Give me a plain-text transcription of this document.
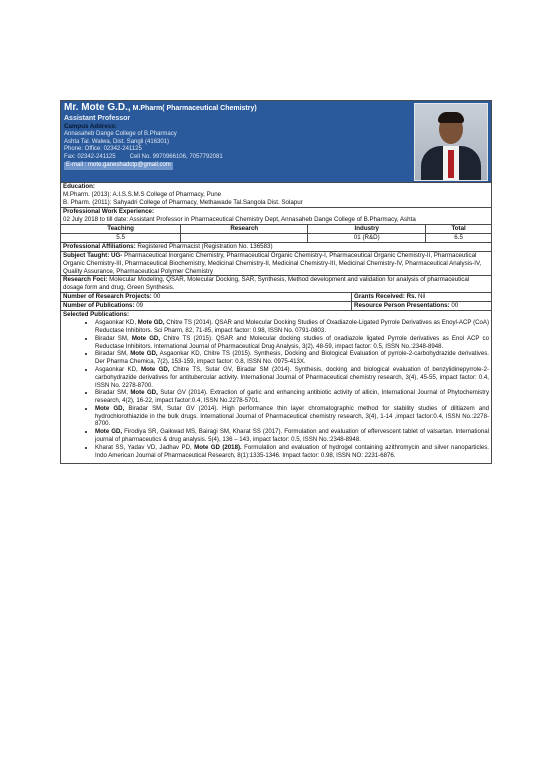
Mr. Mote G.D., M.Pharm( Pharmaceutical Chemistry)
Assistant Professor
Campus Address:
Annasaheb Dange College of B.Pharmacy
Ashta Tal. Walwa, Dist. Sangli (416301)
Phone: Office: 02342-241125
Fax: 02342-241125 Cell No. 9970966106, 7057792081
E-mail : mote.ganeshadctp@gmail.com
Education:
M.Pharm. (2013): A.I.S.S.M.S College of Pharmacy, Pune
B. Pharm. (2011): Sahyadri College of Pharmacy, Methawade Tal.Sangola Dist. Solapur
Professional Work Experience:
02 July 2018 to till date: Assistant Professor in Pharmaceutical Chemistry Dept, Annasaheb Dange College of B.Pharmacy, Ashta
Teaching	Research	Industry	Total
5.5		01 (R&D)	6.5
Professional Affiliations: Registered Pharmacist (Registration No. 136583)
Subject Taught: UG- Pharmaceutical Inorganic Chemistry, Pharmaceutical Organic Chemistry-I, Pharmaceutical Organic Chemistry-II, Pharmaceutical Organic Chemistry-III, Pharmaceutical Biochemistry, Medicinal Chemistry-II, Medicinal Chemistry-III, Medicinal Chemistry-IV, Pharmaceutical Analysis-IV, Quality Assurance, Pharmaceutical Polymer Chemistry
Research Foci: Molecular Modeling, QSAR, Molecular Docking, SAR, Synthesis, Method development and validation for analysis of pharmaceutical dosage form and drug, Green Synthesis.
Number of Research Projects: 00	Grants Received: Rs. Nil
Number of Publications: 09	Resource Person Presentations: 00
Selected Publications:
• Asgaonkar KD, Mote GD, Chitre TS (2014). QSAR and Molecular Docking Studies of Oxadiazole-Ligated Pyrrole Derivatives as Enoyl-ACP (CoA) Reductase Inhibitors. Sci Pharm, 82, 71-85, impact factor: 0.98, ISSN No. 0791-0803.
• Biradar SM, Mote GD, Chitre TS (2015). QSAR and Molecular docking studies of oxadiazole ligated Pyrrole derivatives as Enol ACP co Reductase Inhibitors. International Journal of Pharmaceutical Drug Analysis, 3(2), 48-59, impact factor: 0.5, ISSN No.:2348-8948.
• Biradar SM, Mote GD, Asgaonkar KD, Chitre TS (2015). Synthesis, Docking and Biological Evaluation of pyrrole-2-carbohydrazide derivatives. Der Pharma Chemica, 7(2), 153-159, impact factor: 0.8, ISSN No. 0975-413X.
• Asgaonkar KD, Mote GD, Chitre TS, Sutar GV, Biradar SM (2014). Synthesis, docking and biological evaluation of benzylidinepyrrole-2-carbohydrazide derivatives for antitubercular activity. International Journal of Pharmaceutical chemistry research, 3(4), 45-55, impact factor: 0.4, ISSN No. 2278-8700.
• Biradar SM, Mote GD, Sutar GV (2014). Extraction of garlic and enhancing antibiotic activity of allicin, International Journal of Phytochemistry research, 4(2), 16-22, impact factor:0.4, ISSN No.2278-5701.
• Mote GD, Biradar SM, Sutar GV (2014). High performance thin layer chromatographic method for stability studies of diltiazem and hydrochlorothiazide in the bulk drugs. International Journal of Pharmaceutical chemistry research, 3(4), 1-14 ,impact factor:0.4, ISSN No.:2278-8700.
• Mote GD, Firodiya SR, Gaikwad MS, Bairagi SM, Kharat SS (2017). Formulation and evaluation of effervescent tablet of valsartan. International journal of pharmaceutics & drug analysis. 5(4), 136 – 143, impact factor: 0.5, ISSN No.:2348-8948.
• Kharat SS, Yadav VD, Jadhav PD, Mote GD (2018). Formulation and evaluation of hydrogel containing azithromycin and silver nanoparticles. Indo American Journal of Pharmaceutical Research, 8(1):1335-1346. Impact factor: 0.98, ISSN NO: 2231-6876.
